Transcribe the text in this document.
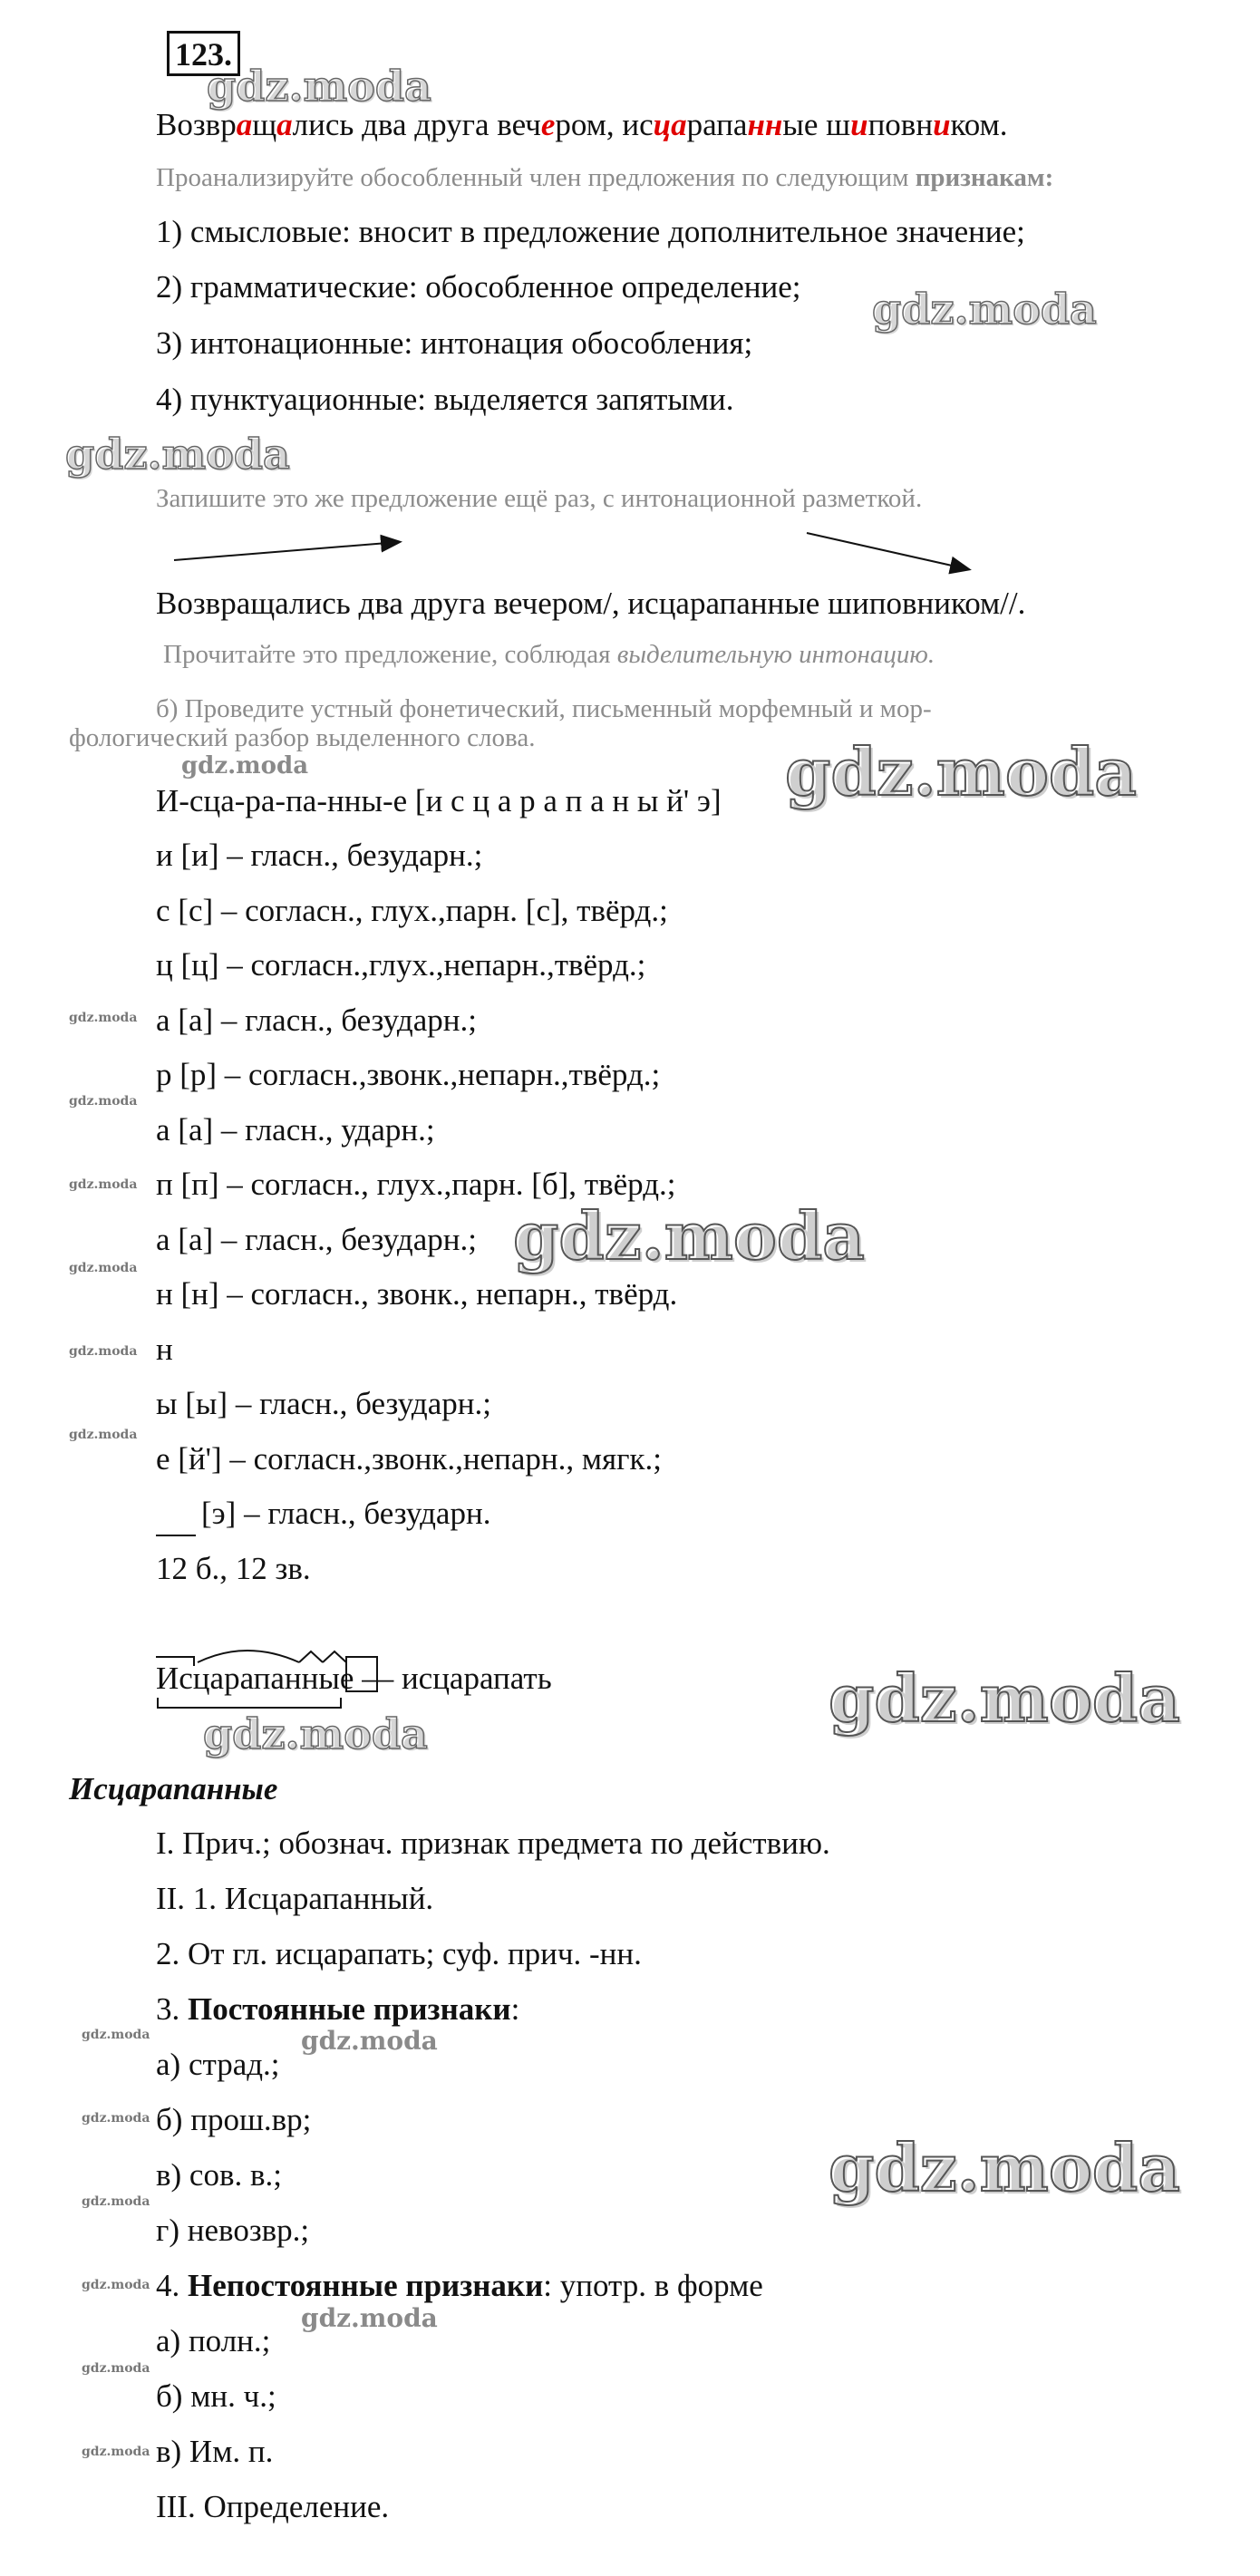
123.
Возвращались два друга вечером, исцарапанные шиповником.
Проанализируйте обособленный член предложения по следующим признакам:
1) смысловые: вносит в предложение дополнительное значение;
2) грамматические: обособленное определение;
3) интонационные: интонация обособления;
4) пунктуационные: выделяется запятыми.
Запишите это же предложение ещё раз, с интонационной разметкой.
Возвращались два друга вечером/, исцарапанные шиповником//.
Прочитайте это предложение, соблюдая выделительную интонацию.
б) Проведите устный фонетический, письменный морфемный и мор-
фологический разбор выделенного слова.
И-сца-ра-па-нны-е [и с ц а р а п а н ы й' э]
и [и] – гласн., безударн.;
с [с] – согласн., глух.,парн. [с], твёрд.;
ц [ц] – согласн.,глух.,непарн.,твёрд.;
а [а] – гласн., безударн.;
р [р] – согласн.,звонк.,непарн.,твёрд.;
а [а] – гласн., ударн.;
п [п] – согласн., глух.,парн. [б], твёрд.;
а [а] – гласн., безударн.;
н [н] – согласн., звонк., непарн., твёрд.
н
ы [ы] – гласн., безударн.;
е [й'] – согласн.,звонк.,непарн., мягк.;
[э] – гласн., безударн.
12 б., 12 зв.
Исцарапанные — исцарапать
Исцарапанные
I. Прич.; обознач. признак предмета по действию.
II. 1. Исцарапанный.
2. От гл. исцарапать; суф. прич. -нн.
3. Постоянные признаки:
а) страд.;
б) прош.вр;
в) сов. в.;
г) невозвр.;
4. Непостоянные признаки: употр. в форме
а) полн.;
б) мн. ч.;
в) Им. п.
III. Определение.
gdz.moda
gdz.moda
gdz.moda
gdz.moda	gdz.moda
gdz.moda
gdz.moda
gdz.moda
gdz.moda
gdz.moda
gdz.moda
gdz.moda
gdz.moda
gdz.moda
gdz.moda
gdz.moda
gdz.moda
gdz.moda
gdz.moda
gdz.moda
gdz.moda
gdz.moda
gdz.moda
